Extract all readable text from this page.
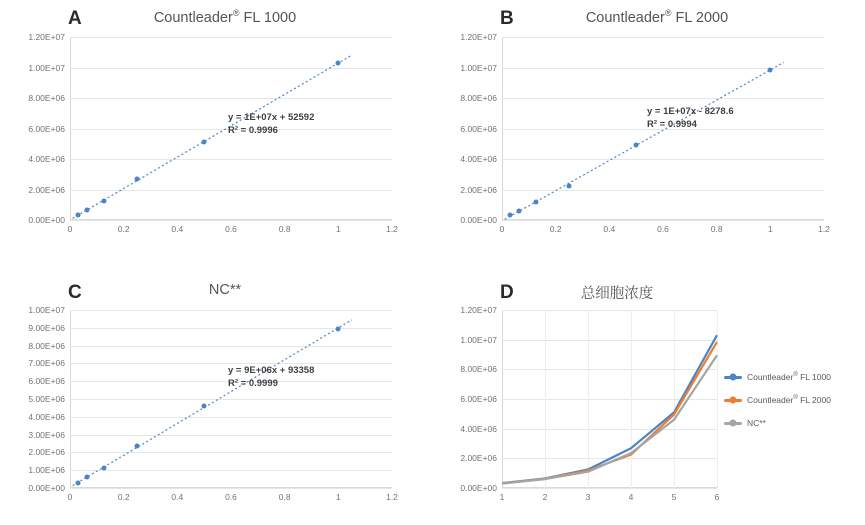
A	Countleader® FL 1000
0.00E+00
2.00E+06
4.00E+06
6.00E+06
8.00E+06
1.00E+07
1.20E+07
0	0.2	0.4	0.6	0.8	1	1.2
y = 1E+07x + 52592
R² = 0.9996
B	Countleader® FL 2000
0.00E+00
2.00E+06
4.00E+06
6.00E+06
8.00E+06
1.00E+07
1.20E+07
0	0.2	0.4	0.6	0.8	1	1.2
y = 1E+07x - 8278.6
R² = 0.9994
C	NC**
0.00E+00
1.00E+06
2.00E+06
3.00E+06
4.00E+06
5.00E+06
6.00E+06
7.00E+06
8.00E+06
9.00E+06
1.00E+07
0	0.2	0.4	0.6	0.8	1	1.2
y = 9E+06x + 93358
R² = 0.9999
D	总细胞浓度
0.00E+00
2.00E+06
4.00E+06
6.00E+06
8.00E+06
1.00E+07
1.20E+07
1	2	3	4	5	6
Countleader® FL 1000
Countleader® FL 2000
NC**
